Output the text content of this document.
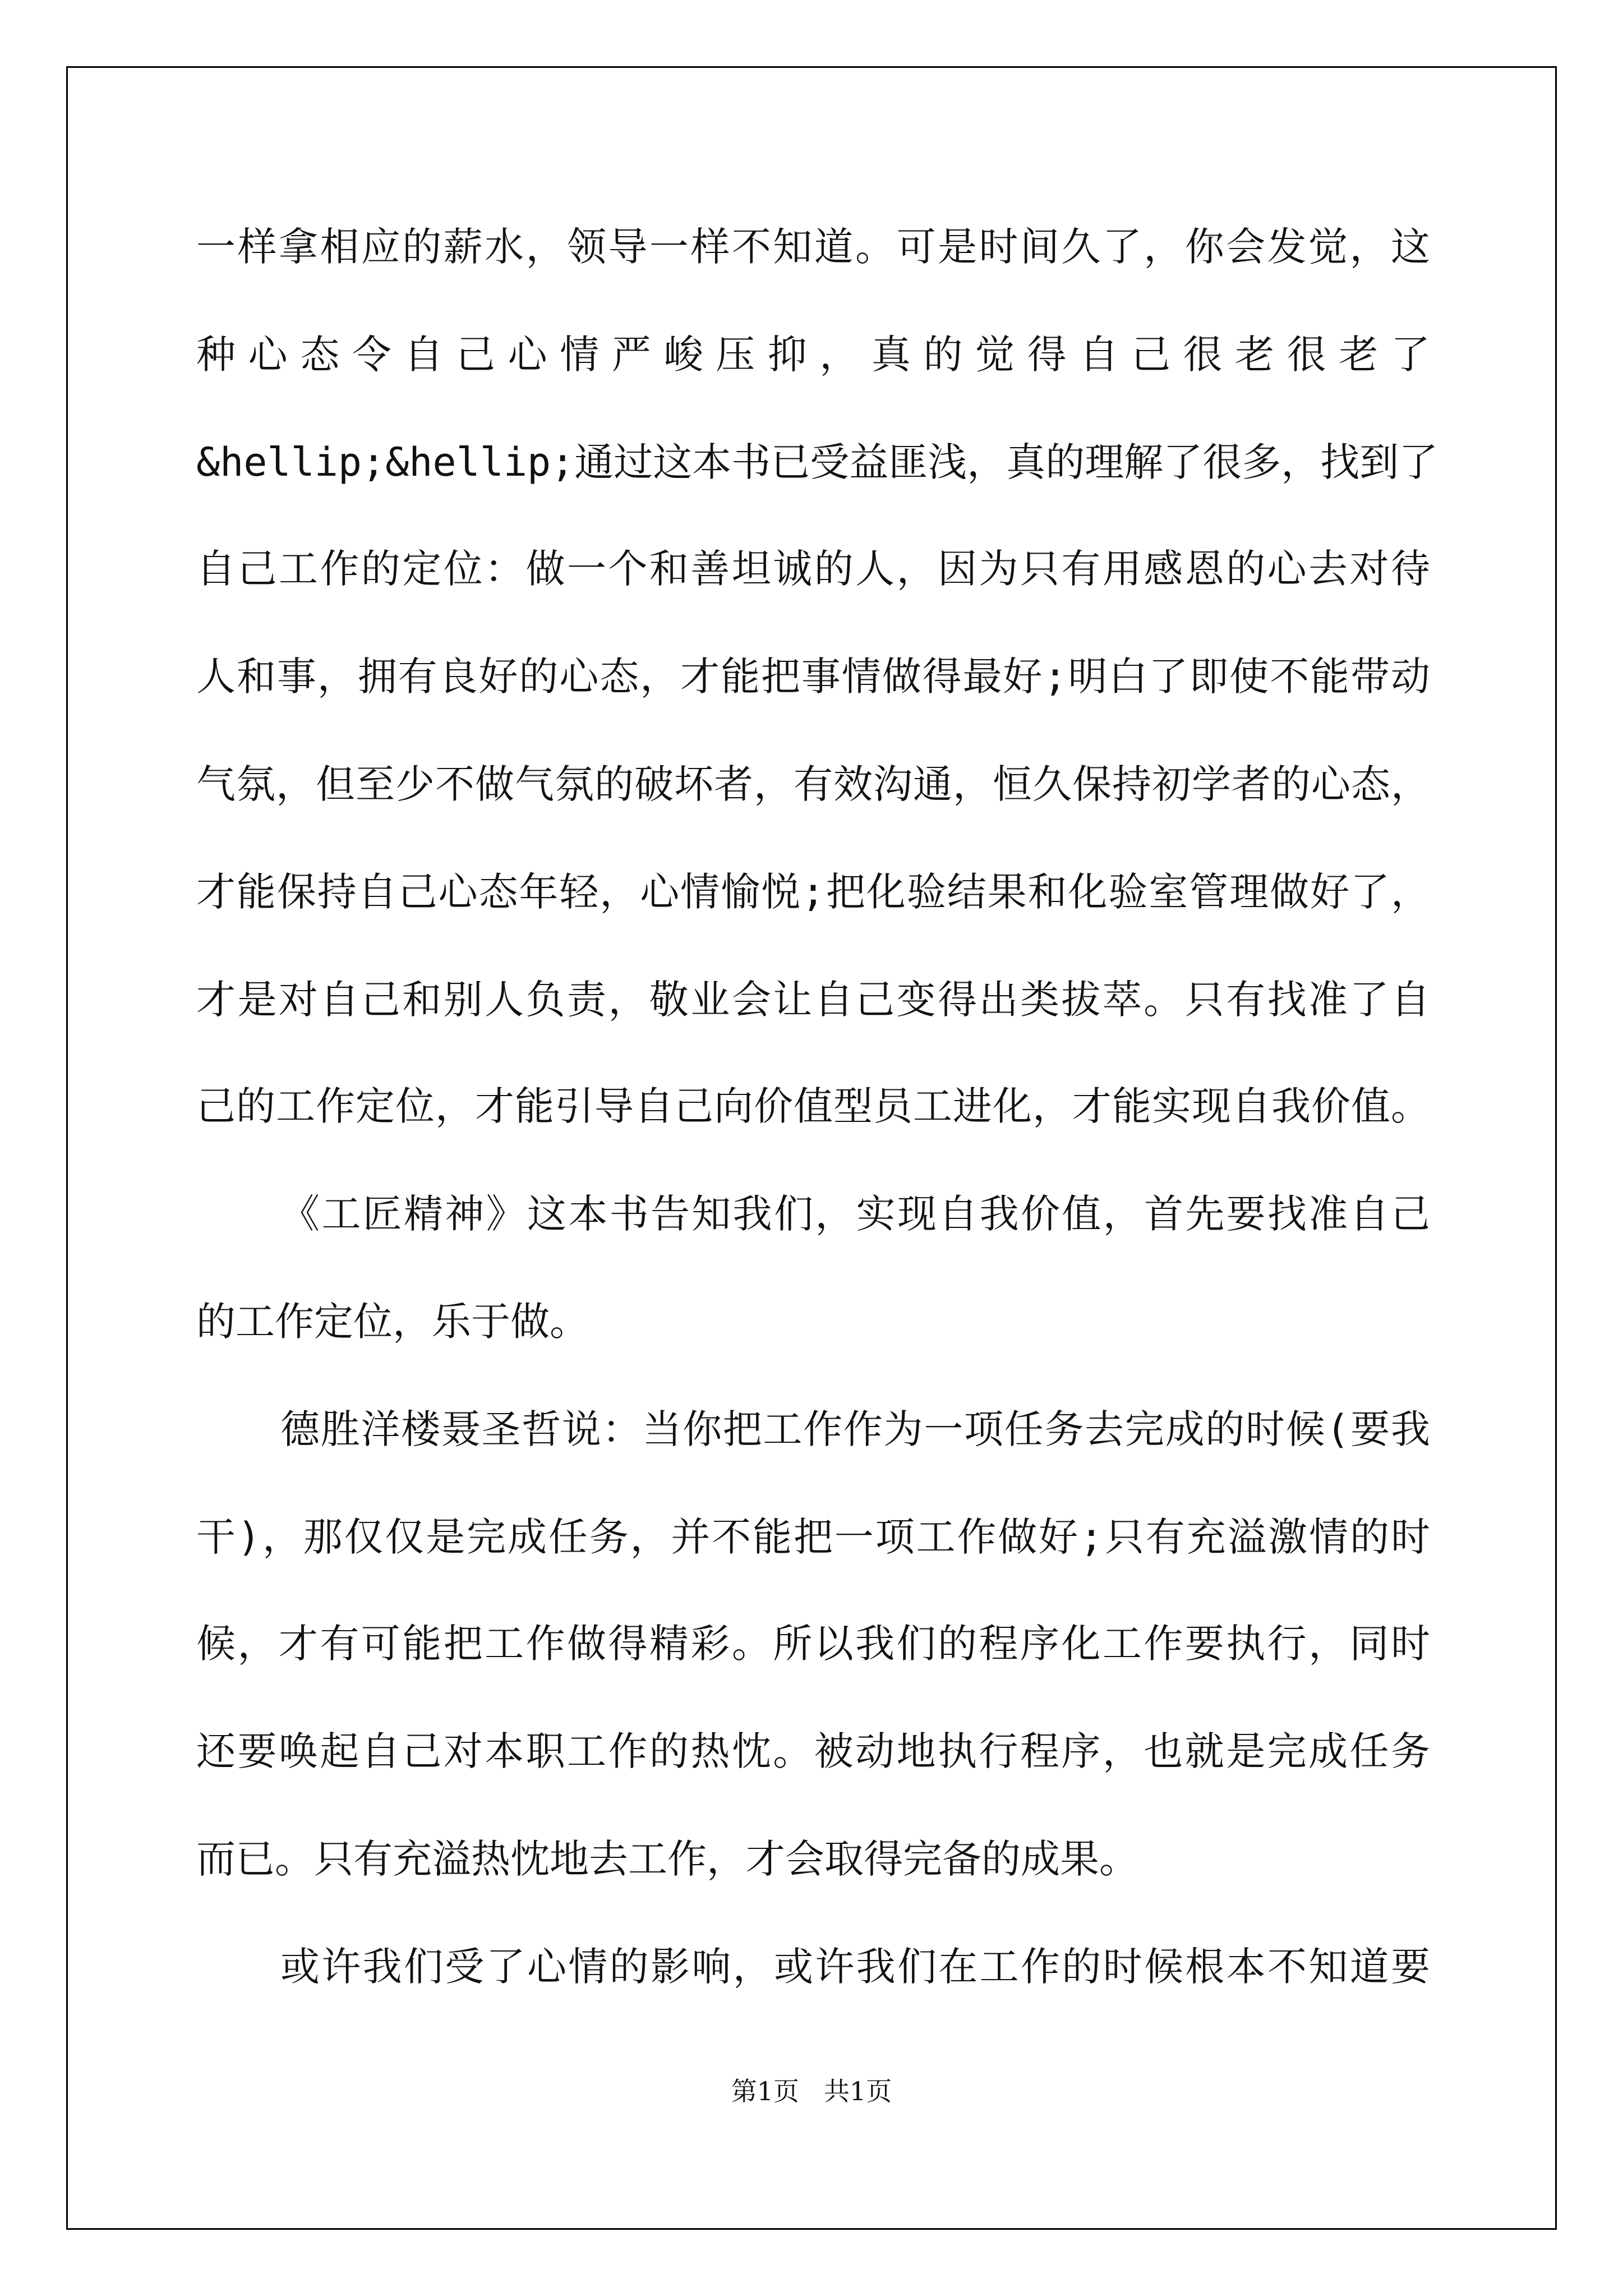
一样拿相应的薪水，领导一样不知道。可是时间久了，你会发觉，这
种心态令自己心情严峻压抑，真的觉得自己很老很老了
&hellip;&hellip;通过这本书已受益匪浅，真的理解了很多，找到了
自己工作的定位：做一个和善坦诚的人，因为只有用感恩的心去对待
人和事，拥有良好的心态，才能把事情做得最好;明白了即使不能带动
气氛，但至少不做气氛的破坏者，有效沟通，恒久保持初学者的心态，
才能保持自己心态年轻，心情愉悦;把化验结果和化验室管理做好了，
才是对自己和别人负责，敬业会让自己变得出类拔萃。只有找准了自
己的工作定位，才能引导自己向价值型员工进化，才能实现自我价值。
《工匠精神》这本书告知我们，实现自我价值，首先要找准自己
的工作定位，乐于做。
德胜洋楼聂圣哲说：当你把工作作为一项任务去完成的时候(要我
干)，那仅仅是完成任务，并不能把一项工作做好;只有充溢激情的时
候，才有可能把工作做得精彩。所以我们的程序化工作要执行，同时
还要唤起自己对本职工作的热忱。被动地执行程序，也就是完成任务
而已。只有充溢热忱地去工作，才会取得完备的成果。
或许我们受了心情的影响，或许我们在工作的时候根本不知道要
第1页 共1页
